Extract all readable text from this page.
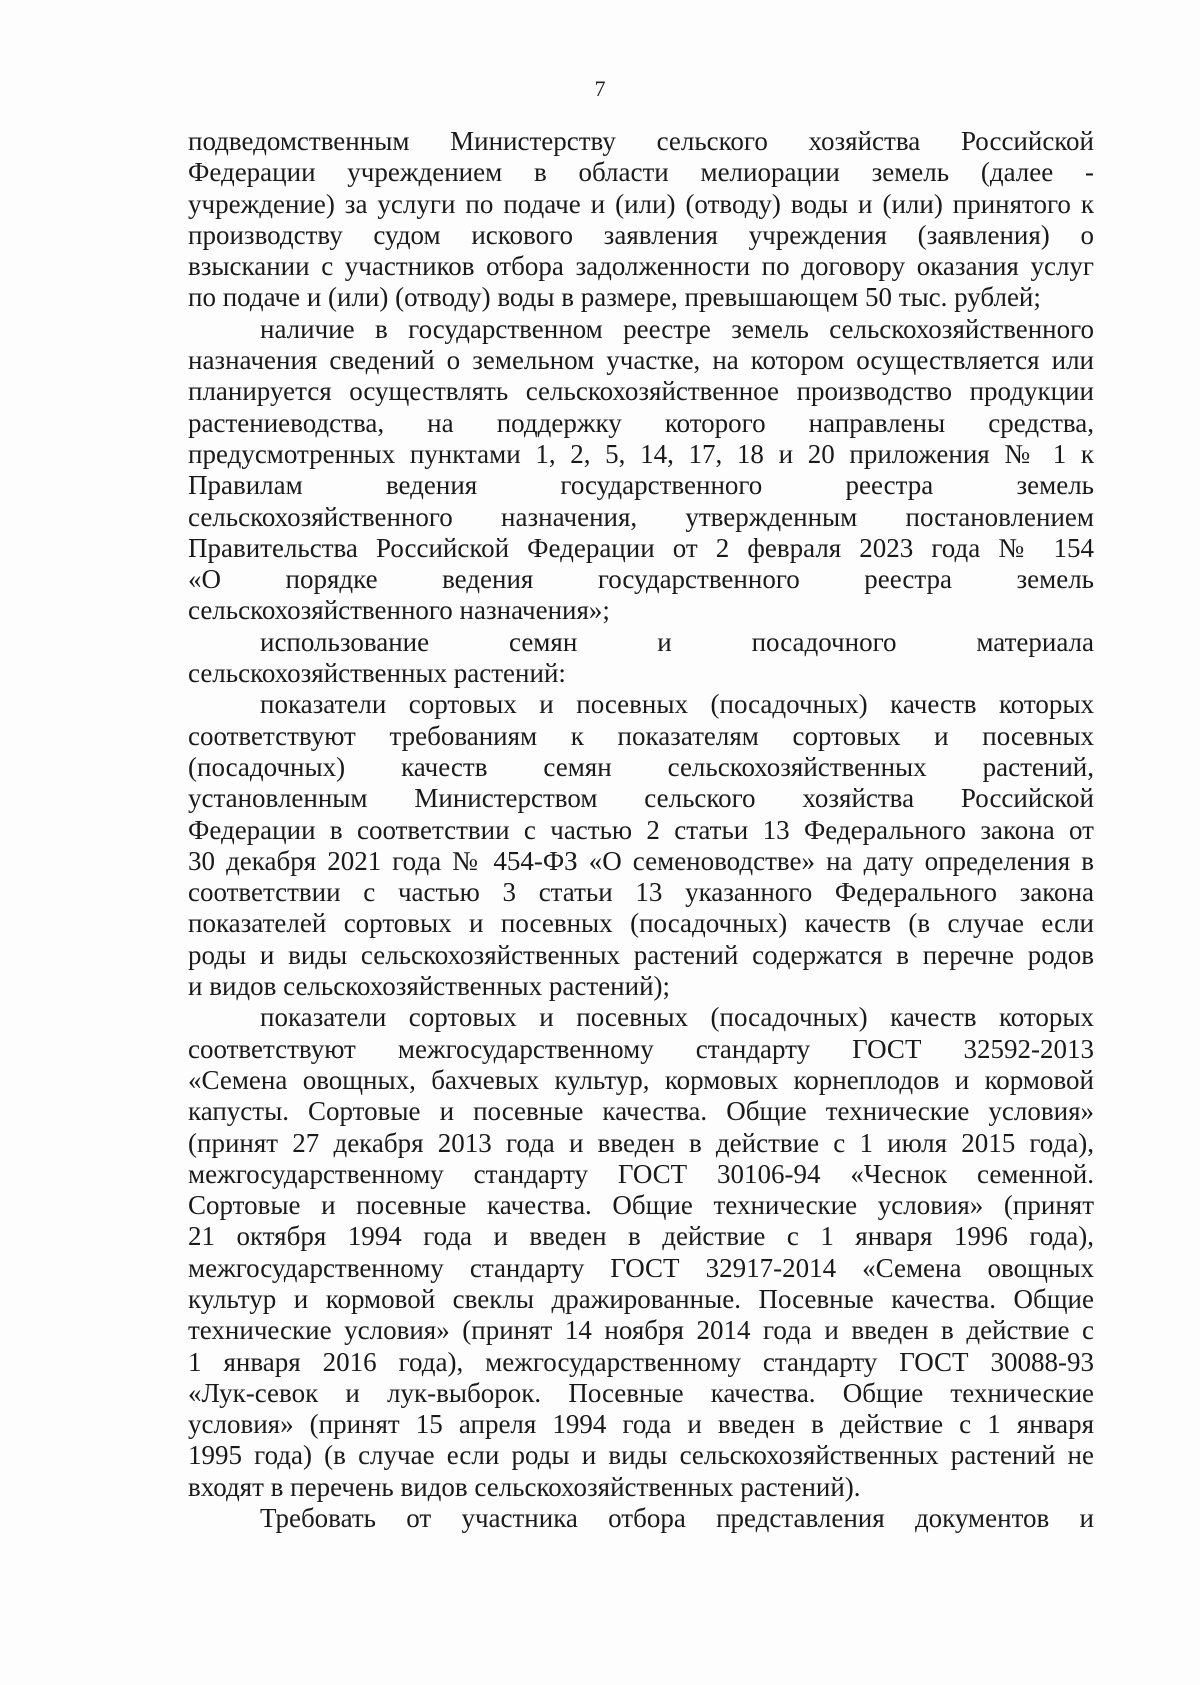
7
подведомственным Министерству сельского хозяйства Российской
Федерации учреждением в области мелиорации земель (далее -
учреждение) за услуги по подаче и (или) (отводу) воды и (или) принятого к
производству судом искового заявления учреждения (заявления) о
взыскании с участников отбора задолженности по договору оказания услуг
по подаче и (или) (отводу) воды в размере, превышающем 50 тыс. рублей;
наличие в государственном реестре земель сельскохозяйственного
назначения сведений о земельном участке, на котором осуществляется или
планируется осуществлять сельскохозяйственное производство продукции
растениеводства, на поддержку которого направлены средства,
предусмотренных пунктами 1, 2, 5, 14, 17, 18 и 20 приложения № 1 к
Правилам ведения государственного реестра земель
сельскохозяйственного назначения, утвержденным постановлением
Правительства Российской Федерации от 2 февраля 2023 года № 154
«О порядке ведения государственного реестра земель
сельскохозяйственного назначения»;
использование семян и посадочного материала
сельскохозяйственных растений:
показатели сортовых и посевных (посадочных) качеств которых
соответствуют требованиям к показателям сортовых и посевных
(посадочных) качеств семян сельскохозяйственных растений,
установленным Министерством сельского хозяйства Российской
Федерации в соответствии с частью 2 статьи 13 Федерального закона от
30 декабря 2021 года № 454-ФЗ «О семеноводстве» на дату определения в
соответствии с частью 3 статьи 13 указанного Федерального закона
показателей сортовых и посевных (посадочных) качеств (в случае если
роды и виды сельскохозяйственных растений содержатся в перечне родов
и видов сельскохозяйственных растений);
показатели сортовых и посевных (посадочных) качеств которых
соответствуют межгосударственному стандарту ГОСТ 32592-2013
«Семена овощных, бахчевых культур, кормовых корнеплодов и кормовой
капусты. Сортовые и посевные качества. Общие технические условия»
(принят 27 декабря 2013 года и введен в действие с 1 июля 2015 года),
межгосударственному стандарту ГОСТ 30106-94 «Чеснок семенной.
Сортовые и посевные качества. Общие технические условия» (принят
21 октября 1994 года и введен в действие с 1 января 1996 года),
межгосударственному стандарту ГОСТ 32917-2014 «Семена овощных
культур и кормовой свеклы дражированные. Посевные качества. Общие
технические условия» (принят 14 ноября 2014 года и введен в действие с
1 января 2016 года), межгосударственному стандарту ГОСТ 30088-93
«Лук-севок и лук-выборок. Посевные качества. Общие технические
условия» (принят 15 апреля 1994 года и введен в действие с 1 января
1995 года) (в случае если роды и виды сельскохозяйственных растений не
входят в перечень видов сельскохозяйственных растений).
Требовать от участника отбора представления документов и
